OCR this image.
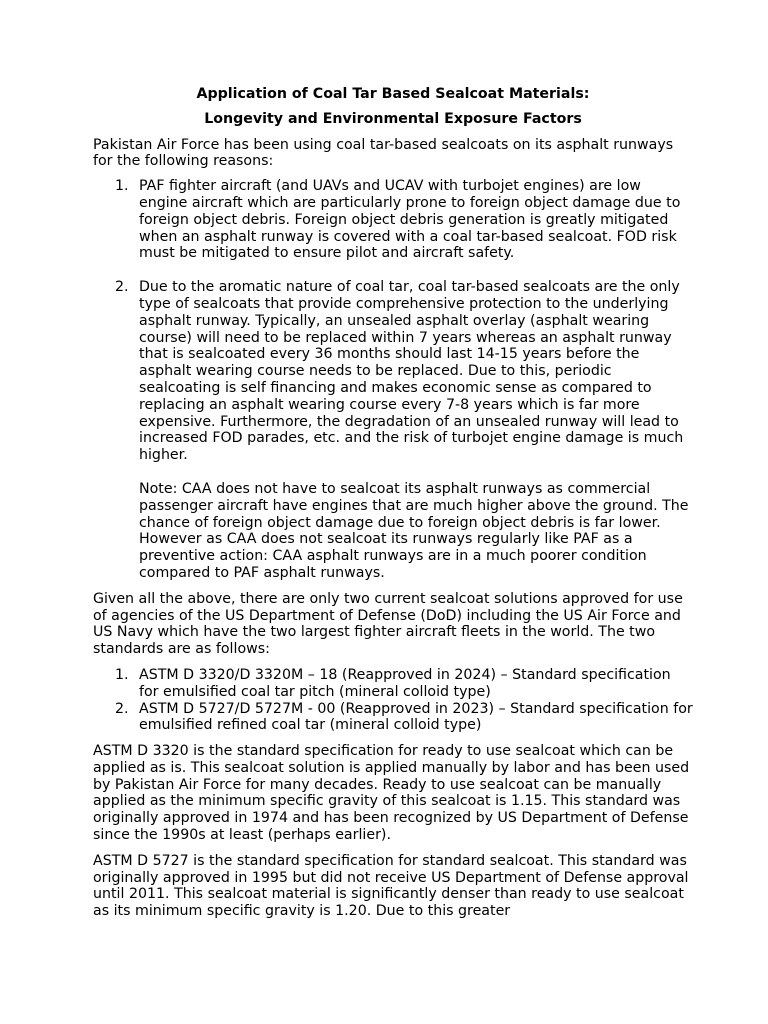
Application of Coal Tar Based Sealcoat Materials:

Longevity and Environmental Exposure Factors

Pakistan Air Force has been using coal tar-based sealcoats on its asphalt runways for the following reasons:

1. PAF fighter aircraft (and UAVs and UCAV with turbojet engines) are low engine aircraft which are particularly prone to foreign object damage due to foreign object debris. Foreign object debris generation is greatly mitigated when an asphalt runway is covered with a coal tar-based sealcoat. FOD risk must be mitigated to ensure pilot and aircraft safety.

2. Due to the aromatic nature of coal tar, coal tar-based sealcoats are the only type of sealcoats that provide comprehensive protection to the underlying asphalt runway. Typically, an unsealed asphalt overlay (asphalt wearing course) will need to be replaced within 7 years whereas an asphalt runway that is sealcoated every 36 months should last 14-15 years before the asphalt wearing course needs to be replaced. Due to this, periodic sealcoating is self financing and makes economic sense as compared to replacing an asphalt wearing course every 7-8 years which is far more expensive. Furthermore, the degradation of an unsealed runway will lead to increased FOD parades, etc. and the risk of turbojet engine damage is much higher.

Note: CAA does not have to sealcoat its asphalt runways as commercial passenger aircraft have engines that are much higher above the ground. The chance of foreign object damage due to foreign object debris is far lower. However as CAA does not sealcoat its runways regularly like PAF as a preventive action: CAA asphalt runways are in a much poorer condition compared to PAF asphalt runways.

Given all the above, there are only two current sealcoat solutions approved for use of agencies of the US Department of Defense (DoD) including the US Air Force and US Navy which have the two largest fighter aircraft fleets in the world. The two standards are as follows:

1. ASTM D 3320/D 3320M – 18 (Reapproved in 2024) – Standard specification for emulsified coal tar pitch (mineral colloid type)

2. ASTM D 5727/D 5727M - 00 (Reapproved in 2023) – Standard specification for emulsified refined coal tar (mineral colloid type)

ASTM D 3320 is the standard specification for ready to use sealcoat which can be applied as is. This sealcoat solution is applied manually by labor and has been used by Pakistan Air Force for many decades. Ready to use sealcoat can be manually applied as the minimum specific gravity of this sealcoat is 1.15. This standard was originally approved in 1974 and has been recognized by US Department of Defense since the 1990s at least (perhaps earlier).

ASTM D 5727 is the standard specification for standard sealcoat. This standard was originally approved in 1995 but did not receive US Department of Defense approval until 2011. This sealcoat material is significantly denser than ready to use sealcoat as its minimum specific gravity is 1.20. Due to this greater
